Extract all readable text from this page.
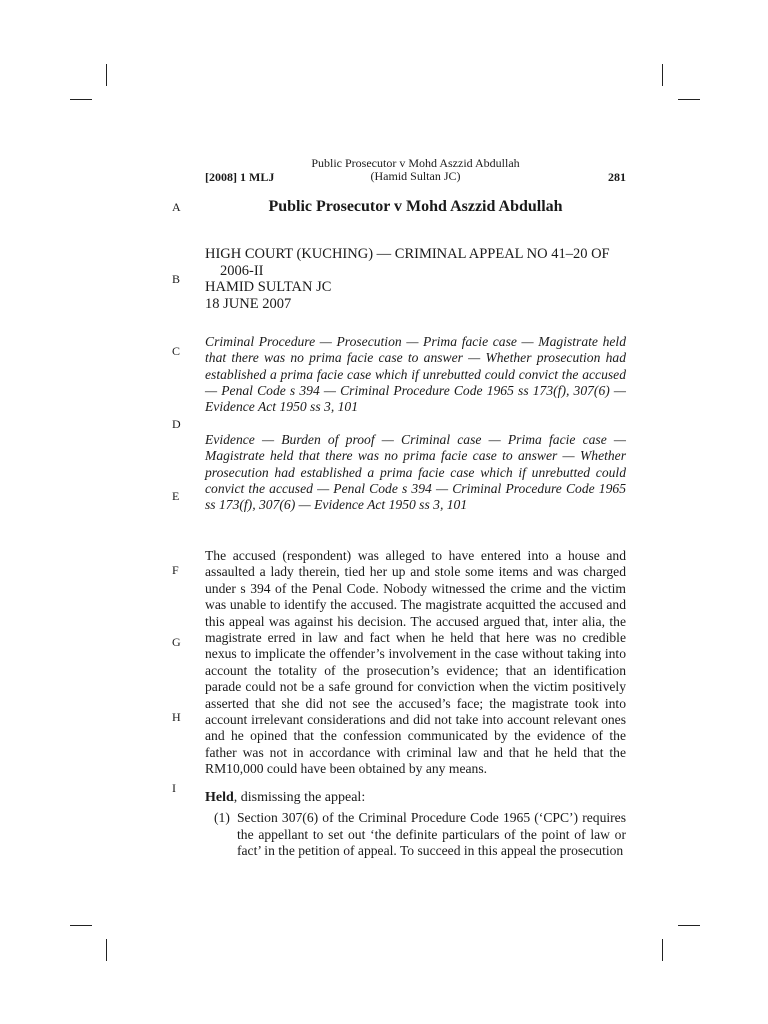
[2008] 1 MLJ
Public Prosecutor v Mohd Aszzid Abdullah
(Hamid Sultan JC)	281
A
B
C
D
E
F
G
H
I
Public Prosecutor v Mohd Aszzid Abdullah
HIGH COURT (KUCHING) — CRIMINAL APPEAL NO 41–20 OF
2006-II
HAMID SULTAN JC
18 JUNE 2007
Criminal Procedure — Prosecution — Prima facie case — Magistrate held that there was no prima facie case to answer — Whether prosecution had established a prima facie case which if unrebutted could convict the accused — Penal Code s 394 — Criminal Procedure Code 1965 ss 173(f), 307(6) — Evidence Act 1950 ss 3, 101
Evidence — Burden of proof — Criminal case — Prima facie case — Magistrate held that there was no prima facie case to answer — Whether prosecution had established a prima facie case which if unrebutted could convict the accused — Penal Code s 394 — Criminal Procedure Code 1965 ss 173(f), 307(6) — Evidence Act 1950 ss 3, 101
The accused (respondent) was alleged to have entered into a house and assaulted a lady therein, tied her up and stole some items and was charged under s 394 of the Penal Code. Nobody witnessed the crime and the victim was unable to identify the accused. The magistrate acquitted the accused and this appeal was against his decision. The accused argued that, inter alia, the magistrate erred in law and fact when he held that here was no credible nexus to implicate the offender’s involvement in the case without taking into account the totality of the prosecution’s evidence; that an identification parade could not be a safe ground for conviction when the victim positively asserted that she did not see the accused’s face; the magistrate took into account irrelevant considerations and did not take into account relevant ones and he opined that the confession communicated by the evidence of the father was not in accordance with criminal law and that he held that the RM10,000 could have been obtained by any means.
Held, dismissing the appeal:
(1) Section 307(6) of the Criminal Procedure Code 1965 (‘CPC’) requires the appellant to set out ‘the definite particulars of the point of law or fact’ in the petition of appeal. To succeed in this appeal the prosecution
